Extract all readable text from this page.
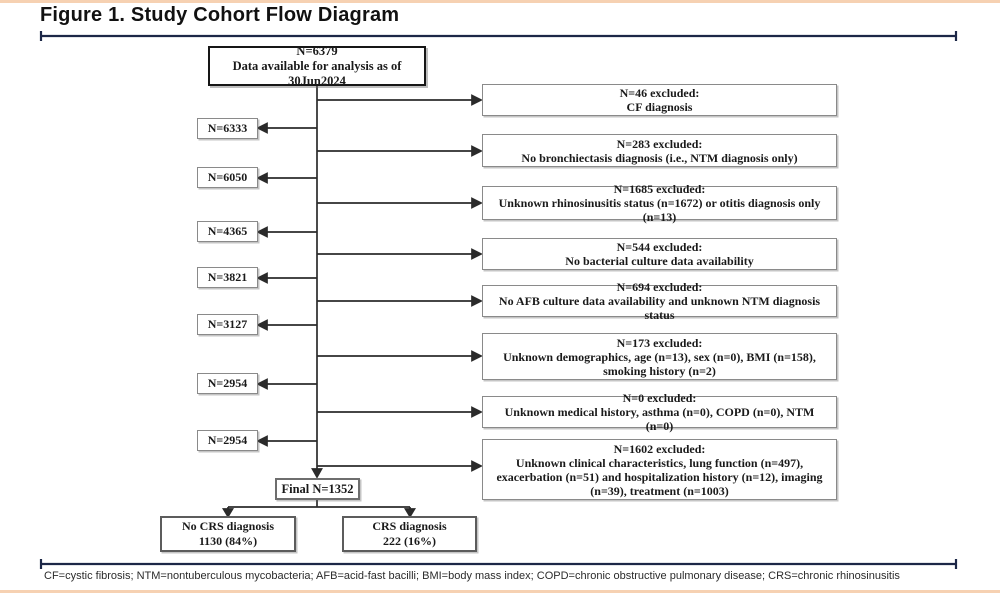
Figure 1. Study Cohort Flow Diagram
N=6379
Data available for analysis as of 30Jun2024
N=6333
N=6050
N=4365
N=3821
N=3127
N=2954
N=2954
N=46 excluded:
CF diagnosis
N=283 excluded:
No bronchiectasis diagnosis (i.e., NTM diagnosis only)
N=1685 excluded:
Unknown rhinosinusitis status (n=1672) or otitis diagnosis only (n=13)
N=544 excluded:
No bacterial culture data availability
N=694 excluded:
No AFB culture data availability and unknown NTM diagnosis status
N=173 excluded:
Unknown demographics, age (n=13), sex (n=0), BMI (n=158), smoking history (n=2)
N=0 excluded:
Unknown medical history, asthma (n=0), COPD (n=0), NTM (n=0)
N=1602 excluded:
Unknown clinical characteristics, lung function (n=497), exacerbation (n=51) and hospitalization history (n=12), imaging (n=39), treatment (n=1003)
Final N=1352
No CRS diagnosis
1130 (84%)
CRS diagnosis
222 (16%)
CF=cystic fibrosis; NTM=nontuberculous mycobacteria; AFB=acid-fast bacilli; BMI=body mass index; COPD=chronic obstructive pulmonary disease; CRS=chronic rhinosinusitis
